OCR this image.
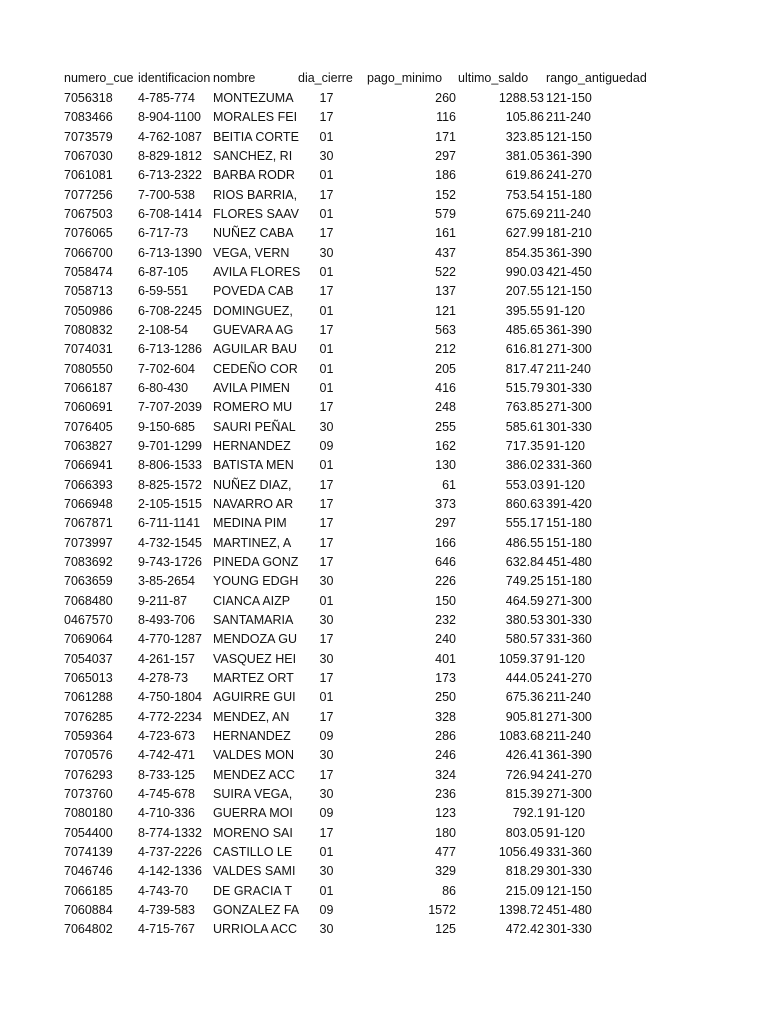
numero_cue identificacion nombre	dia_cierre	pago_minimo	ultimo_saldo	rango_antiguedad
7056318	4-785-774	MONTEZUMA	17	260	1288.53 121-150
7083466	8-904-1100 MORALES FEI	17	116	105.86 211-240
7073579	4-762-1087 BEITIA CORTE	01	171	323.85 121-150
7067030	8-829-1812 SANCHEZ, RI	30	297	381.05 361-390
7061081	6-713-2322 BARBA RODR	01	186	619.86 241-270
7077256	7-700-538	RIOS BARRIA,	17	152	753.54 151-180
7067503	6-708-1414 FLORES SAAV	01	579	675.69 211-240
7076065	6-717-73	NUÑEZ CABA	17	161	627.99 181-210
7066700	6-713-1390 VEGA, VERN	30	437	854.35 361-390
7058474	6-87-105	AVILA FLORES	01	522	990.03 421-450
7058713	6-59-551	POVEDA CAB	17	137	207.55 121-150
7050986	6-708-2245 DOMINGUEZ,	01	121	395.55 91-120
7080832	2-108-54	GUEVARA AG	17	563	485.65 361-390
7074031	6-713-1286 AGUILAR BAU	01	212	616.81 271-300
7080550	7-702-604	CEDEÑO COR	01	205	817.47 211-240
7066187	6-80-430	AVILA PIMEN	01	416	515.79 301-330
7060691	7-707-2039 ROMERO MU	17	248	763.85 271-300
7076405	9-150-685	SAURI PEÑAL	30	255	585.61 301-330
7063827	9-701-1299 HERNANDEZ	09	162	717.35 91-120
7066941	8-806-1533 BATISTA MEN	01	130	386.02 331-360
7066393	8-825-1572 NUÑEZ DIAZ,	17	61	553.03 91-120
7066948	2-105-1515 NAVARRO AR	17	373	860.63 391-420
7067871	6-711-1141	MEDINA PIM	17	297	555.17 151-180
7073997	4-732-1545 MARTINEZ, A	17	166	486.55 151-180
7083692	9-743-1726 PINEDA GONZ	17	646	632.84 451-480
7063659	3-85-2654	YOUNG EDGH	30	226	749.25 151-180
7068480	9-211-87	CIANCA AIZP	01	150	464.59 271-300
0467570	8-493-706	SANTAMARIA	30	232	380.53 301-330
7069064	4-770-1287 MENDOZA GU	17	240	580.57 331-360
7054037	4-261-157	VASQUEZ HEI	30	401	1059.37 91-120
7065013	4-278-73	MARTEZ ORT	17	173	444.05 241-270
7061288	4-750-1804 AGUIRRE GUI	01	250	675.36 211-240
7076285	4-772-2234 MENDEZ, AN	17	328	905.81 271-300
7059364	4-723-673	HERNANDEZ	09	286	1083.68 211-240
7070576	4-742-471	VALDES MON	30	246	426.41 361-390
7076293	8-733-125	MENDEZ ACC	17	324	726.94 241-270
7073760	4-745-678	SUIRA VEGA,	30	236	815.39 271-300
7080180	4-710-336	GUERRA MOI	09	123	792.1 91-120
7054400	8-774-1332 MORENO SAI	17	180	803.05 91-120
7074139	4-737-2226 CASTILLO LE	01	477	1056.49 331-360
7046746	4-142-1336 VALDES SAMI	30	329	818.29 301-330
7066185	4-743-70	DE GRACIA T	01	86	215.09 121-150
7060884	4-739-583	GONZALEZ FA	09	1572	1398.72 451-480
7064802	4-715-767	URRIOLA ACC	30	125	472.42 301-330
